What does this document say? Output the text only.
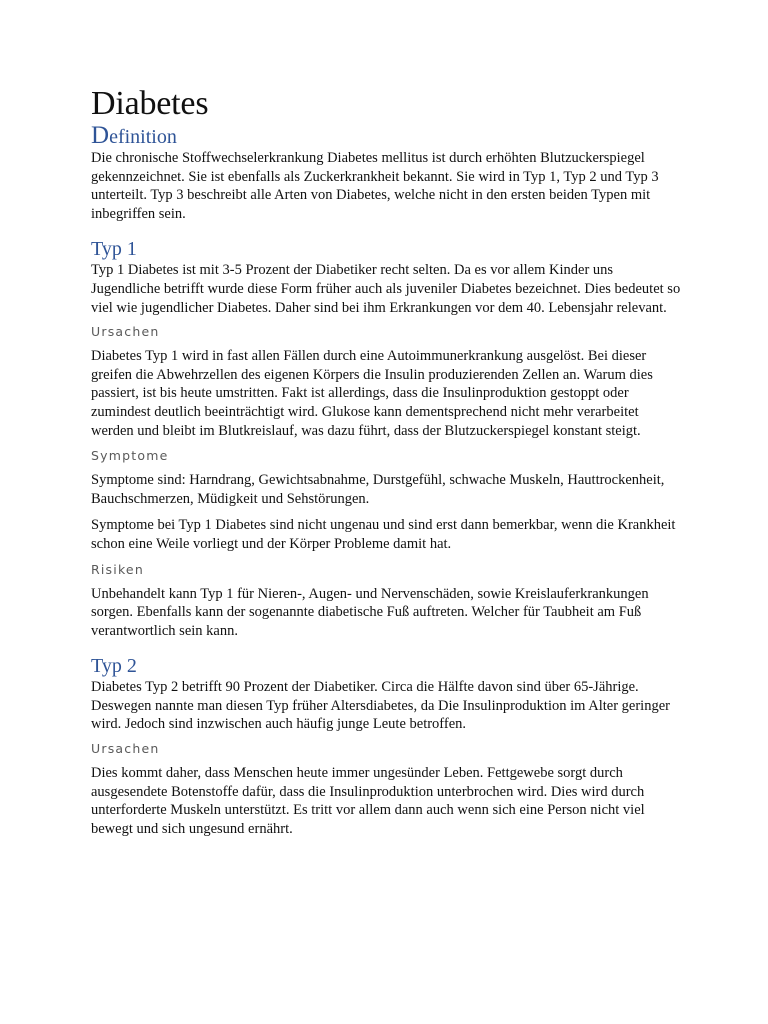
Diabetes
Definition

Die chronische Stoffwechselerkrankung Diabetes mellitus ist durch erhöhten Blutzuckerspiegel gekennzeichnet. Sie ist ebenfalls als Zuckerkrankheit bekannt. Sie wird in Typ 1, Typ 2 und Typ 3 unterteilt. Typ 3 beschreibt alle Arten von Diabetes, welche nicht in den ersten beiden Typen mit inbegriffen sein.

Typ 1

Typ 1 Diabetes ist mit 3-5 Prozent der Diabetiker recht selten. Da es vor allem Kinder uns Jugendliche betrifft wurde diese Form früher auch als juveniler Diabetes bezeichnet. Dies bedeutet so viel wie jugendlicher Diabetes. Daher sind bei ihm Erkrankungen vor dem 40. Lebensjahr relevant.

Ursachen

Diabetes Typ 1 wird in fast allen Fällen durch eine Autoimmunerkrankung ausgelöst. Bei dieser greifen die Abwehrzellen des eigenen Körpers die Insulin produzierenden Zellen an. Warum dies passiert, ist bis heute umstritten. Fakt ist allerdings, dass die Insulinproduktion gestoppt oder zumindest deutlich beeinträchtigt wird. Glukose kann dementsprechend nicht mehr verarbeitet werden und bleibt im Blutkreislauf, was dazu führt, dass der Blutzuckerspiegel konstant steigt.

Symptome

Symptome sind: Harndrang, Gewichtsabnahme, Durstgefühl, schwache Muskeln, Hauttrockenheit, Bauchschmerzen, Müdigkeit und Sehstörungen.

Symptome bei Typ 1 Diabetes sind nicht ungenau und sind erst dann bemerkbar, wenn die Krankheit schon eine Weile vorliegt und der Körper Probleme damit hat.

Risiken

Unbehandelt kann Typ 1 für Nieren-, Augen- und Nervenschäden, sowie Kreislauferkrankungen sorgen. Ebenfalls kann der sogenannte diabetische Fuß auftreten. Welcher für Taubheit am Fuß verantwortlich sein kann.

Typ 2

Diabetes Typ 2 betrifft 90 Prozent der Diabetiker. Circa die Hälfte davon sind über 65-Jährige. Deswegen nannte man diesen Typ früher Altersdiabetes, da Die Insulinproduktion im Alter geringer wird. Jedoch sind inzwischen auch häufig junge Leute betroffen.

Ursachen

Dies kommt daher, dass Menschen heute immer ungesünder Leben. Fettgewebe sorgt durch ausgesendete Botenstoffe dafür, dass die Insulinproduktion unterbrochen wird. Dies wird durch unterforderte Muskeln unterstützt. Es tritt vor allem dann auch wenn sich eine Person nicht viel bewegt und sich ungesund ernährt.
